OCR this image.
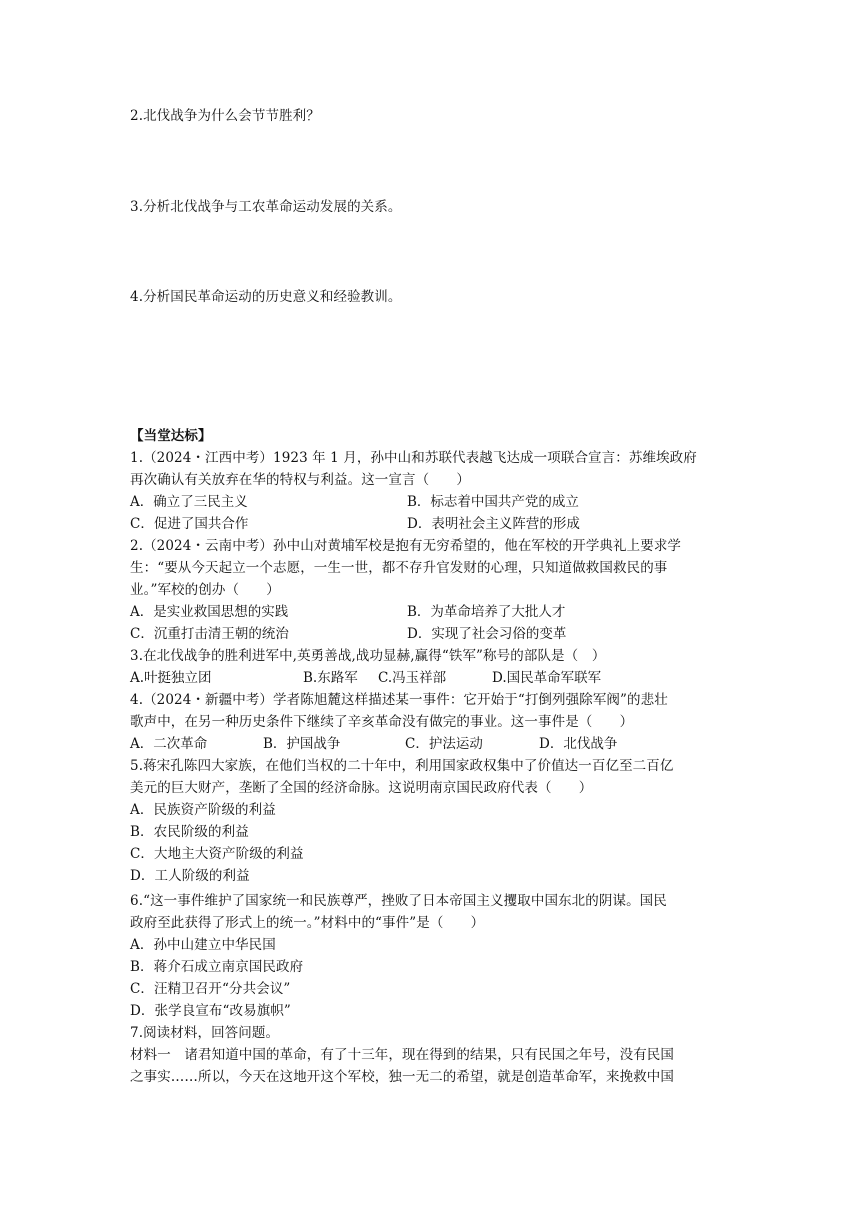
2.北伐战争为什么会节节胜利？
3.分析北伐战争与工农革命运动发展的关系。
4.分析国民革命运动的历史意义和经验教训。
【当堂达标】
1.（2024・江西中考）1923 年 1 月，孙中山和苏联代表越飞达成一项联合宣言：苏维埃政府
再次确认有关放弃在华的特权与利益。这一宣言（　　）
A．确立了三民主义	B．标志着中国共产党的成立
C．促进了国共合作	D．表明社会主义阵营的形成
2.（2024・云南中考）孙中山对黄埔军校是抱有无穷希望的，他在军校的开学典礼上要求学
生：“要从今天起立一个志愿，一生一世，都不存升官发财的心理，只知道做救国救民的事
业。”军校的创办（　　）
A．是实业救国思想的实践	B．为革命培养了大批人才
C．沉重打击清王朝的统治	D．实现了社会习俗的变革
3.在北伐战争的胜利进军中,英勇善战,战功显赫,赢得“铁军”称号的部队是（　）
A.叶挺独立团	B.东路军 C.冯玉祥部	D.国民革命军联军
4.（2024・新疆中考）学者陈旭麓这样描述某一事件：它开始于“打倒列强除军阀”的悲壮
歌声中，在另一种历史条件下继续了辛亥革命没有做完的事业。这一事件是（　　）
A．二次革命	B．护国战争	C．护法运动	D．北伐战争
5.蒋宋孔陈四大家族，在他们当权的二十年中，利用国家政权集中了价值达一百亿至二百亿
美元的巨大财产，垄断了全国的经济命脉。这说明南京国民政府代表（　　）
A．民族资产阶级的利益
B．农民阶级的利益
C．大地主大资产阶级的利益
D．工人阶级的利益
6.“这一事件维护了国家统一和民族尊严，挫败了日本帝国主义攫取中国东北的阴谋。国民
政府至此获得了形式上的统一。”材料中的“事件”是（　　）
A．孙中山建立中华民国
B．蒋介石成立南京国民政府
C．汪精卫召开“分共会议”
D．张学良宣布“改易旗帜”
7.阅读材料，回答问题。
材料一　诸君知道中国的革命，有了十三年，现在得到的结果，只有民国之年号，没有民国
之事实……所以，今天在这地开这个军校，独一无二的希望，就是创造革命军，来挽救中国
